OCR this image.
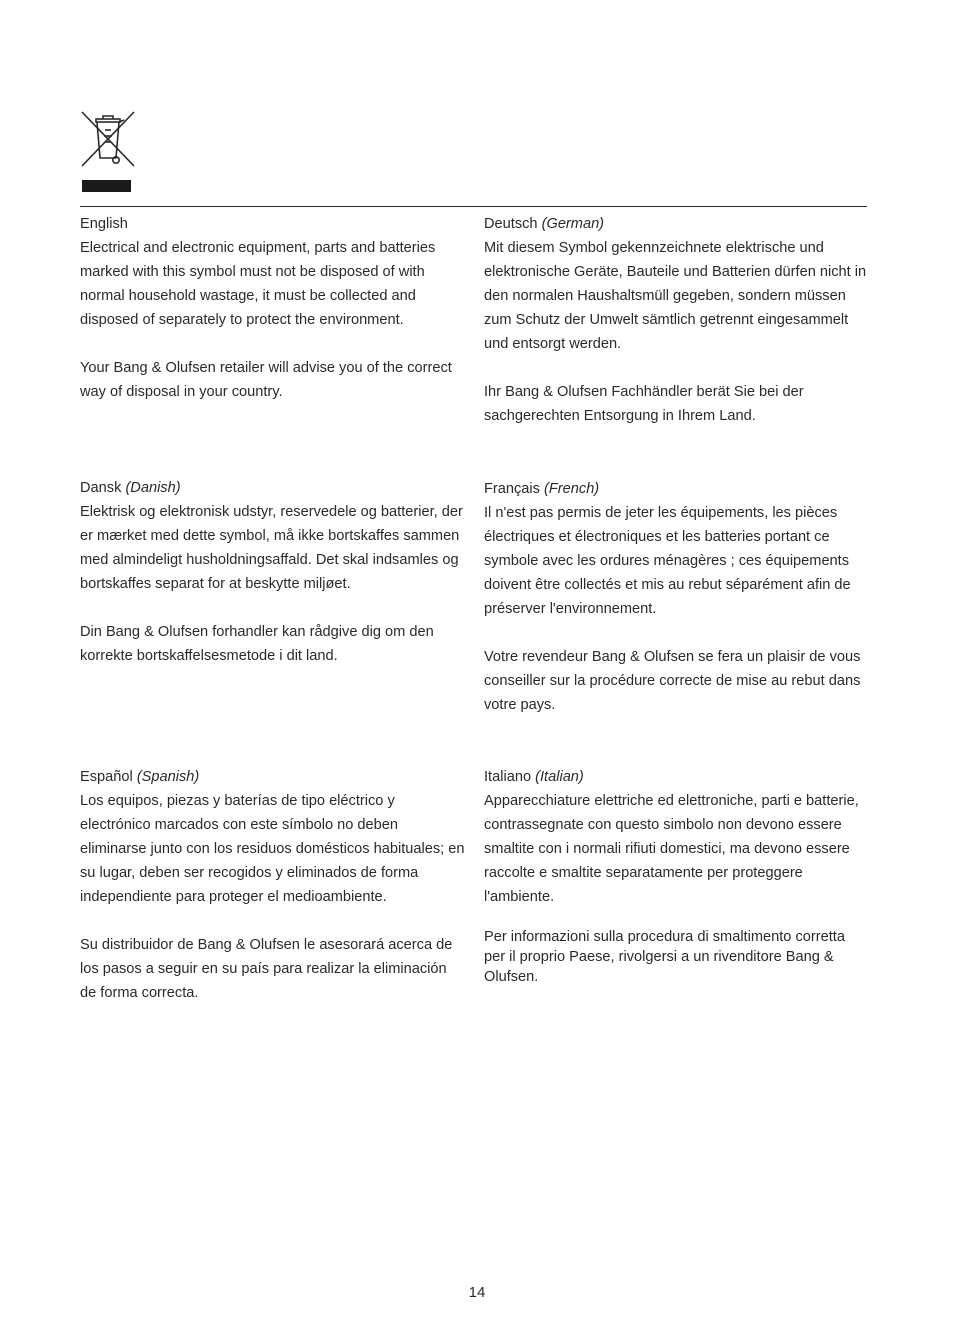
English

Electrical and electronic equipment, parts and batteries marked with this symbol must not be disposed of with normal household wastage, it must be collected and disposed of separately to protect the environment.

Your Bang & Olufsen retailer will advise you of the correct way of disposal in your country.

Deutsch (German)

Mit diesem Symbol gekennzeichnete elektrische und elektronische Geräte, Bauteile und Batterien dürfen nicht in den normalen Haushaltsmüll gegeben, sondern müssen zum Schutz der Umwelt sämtlich getrennt eingesammelt und entsorgt werden.

Ihr Bang & Olufsen Fachhändler berät Sie bei der sachgerechten Entsorgung in Ihrem Land.

Dansk (Danish)

Elektrisk og elektronisk udstyr, reservedele og batterier, der er mærket med dette symbol, må ikke bortskaffes sammen med almindeligt husholdningsaffald. Det skal indsamles og bortskaffes separat for at beskytte miljøet.

Din Bang & Olufsen forhandler kan rådgive dig om den korrekte bortskaffelsesmetode i dit land.

Français (French)

Il n'est pas permis de jeter les équipements, les pièces électriques et électroniques et les batteries portant ce symbole avec les ordures ménagères ; ces équipements doivent être collectés et mis au rebut séparément afin de préserver l'environnement.

Votre revendeur Bang & Olufsen se fera un plaisir de vous conseiller sur la procédure correcte de mise au rebut dans votre pays.

Español (Spanish)

Los equipos, piezas y baterías de tipo eléctrico y electrónico marcados con este símbolo no deben eliminarse junto con los residuos domésticos habituales; en su lugar, deben ser recogidos y eliminados de forma independiente para proteger el medioambiente.

Su distribuidor de Bang & Olufsen le asesorará acerca de los pasos a seguir en su país para realizar la eliminación de forma correcta.

Italiano (Italian)

Apparecchiature elettriche ed elettroniche, parti e batterie, contrassegnate con questo simbolo non devono essere smaltite con i normali rifiuti domestici, ma devono essere raccolte e smaltite separatamente per proteggere l'ambiente.

Per informazioni sulla procedura di smaltimento corretta per il proprio Paese, rivolgersi a un rivenditore Bang & Olufsen.

14
